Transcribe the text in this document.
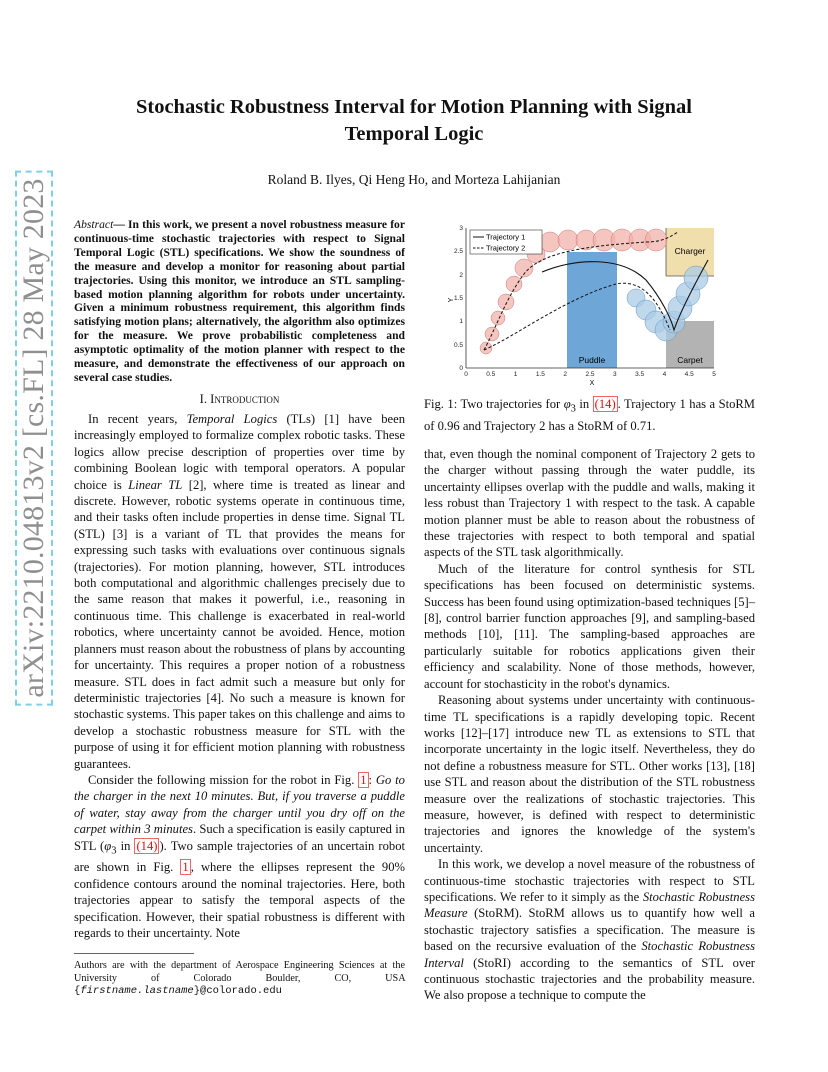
arXiv:2210.04813v2 [cs.FL] 28 May 2023
Stochastic Robustness Interval for Motion Planning with Signal
Temporal Logic
Roland B. Ilyes, Qi Heng Ho, and Morteza Lahijanian
Abstract— In this work, we present a novel robustness measure for continuous-time stochastic trajectories with respect to Signal Temporal Logic (STL) specifications. We show the soundness of the measure and develop a monitor for reasoning about partial trajectories. Using this monitor, we introduce an STL sampling-based motion planning algorithm for robots under uncertainty. Given a minimum robustness requirement, this algorithm finds satisfying motion plans; alternatively, the algorithm also optimizes for the measure. We prove probabilistic completeness and asymptotic optimality of the motion planner with respect to the measure, and demonstrate the effectiveness of our approach on several case studies.
I. Introduction

In recent years, Temporal Logics (TLs) [1] have been increasingly employed to formalize complex robotic tasks. These logics allow precise description of properties over time by combining Boolean logic with temporal operators. A popular choice is Linear TL [2], where time is treated as linear and discrete. However, robotic systems operate in continuous time, and their tasks often include properties in dense time. Signal TL (STL) [3] is a variant of TL that provides the means for expressing such tasks with evaluations over continuous signals (trajectories). For motion planning, however, STL introduces both computational and algorithmic challenges precisely due to the same reason that makes it powerful, i.e., reasoning in continuous time. This challenge is exacerbated in real-world robotics, where uncertainty cannot be avoided. Hence, motion planners must reason about the robustness of plans by accounting for uncertainty. This requires a proper notion of a robustness measure. STL does in fact admit such a measure but only for deterministic trajectories [4]. No such a measure is known for stochastic systems. This paper takes on this challenge and aims to develop a stochastic robustness measure for STL with the purpose of using it for efficient motion planning with robustness guarantees.

Consider the following mission for the robot in Fig. 1 : Go to the charger in the next 10 minutes. But, if you traverse a puddle of water, stay away from the charger until you dry off on the carpet within 3 minutes. Such a specification is easily captured in STL ($\varphi_3$ in (14) ). Two sample trajectories of an uncertain robot are shown in Fig. 1 , where the ellipses represent the 90% confidence contours around the nominal trajectories. Here, both trajectories appear to satisfy the temporal aspects of the specification. However, their spatial robustness is different with regards to their uncertainty. Note

Authors are with the department of Aerospace Engineering Sciences at the University of Colorado Boulder, CO, USA {firstname.lastname}@colorado.edu
0	0.5	1	1.5	2	2.5	3	3.5	4	4.5	5
0
0.5
1
1.5
2
2.5
3
X
Y
Charger
Puddle	Carpet
Trajectory 1
Trajectory 2
Fig. 1: Two trajectories for $\varphi_3$ in (14) . Trajectory 1 has a StoRM of 0.96 and Trajectory 2 has a StoRM of 0.71.

that, even though the nominal component of Trajectory 2 gets to the charger without passing through the water puddle, its uncertainty ellipses overlap with the puddle and walls, making it less robust than Trajectory 1 with respect to the task. A capable motion planner must be able to reason about the robustness of these trajectories with respect to both temporal and spatial aspects of the STL task algorithmically.

Much of the literature for control synthesis for STL specifications has been focused on deterministic systems. Success has been found using optimization-based techniques [5]–[8], control barrier function approaches [9], and sampling-based methods [10], [11]. The sampling-based approaches are particularly suitable for robotics applications given their efficiency and scalability. None of those methods, however, account for stochasticity in the robot's dynamics.

Reasoning about systems under uncertainty with continuous-time TL specifications is a rapidly developing topic. Recent works [12]–[17] introduce new TL as extensions to STL that incorporate uncertainty in the logic itself. Nevertheless, they do not define a robustness measure for STL. Other works [13], [18] use STL and reason about the distribution of the STL robustness measure over the realizations of stochastic trajectories. This measure, however, is defined with respect to deterministic trajectories and ignores the knowledge of the system's uncertainty.

In this work, we develop a novel measure of the robustness of continuous-time stochastic trajectories with respect to STL specifications. We refer to it simply as the Stochastic Robustness Measure (StoRM). StoRM allows us to quantify how well a stochastic trajectory satisfies a specification. The measure is based on the recursive evaluation of the Stochastic Robustness Interval (StoRI) according to the semantics of STL over continuous stochastic trajectories and the probability measure. We also propose a technique to compute the
